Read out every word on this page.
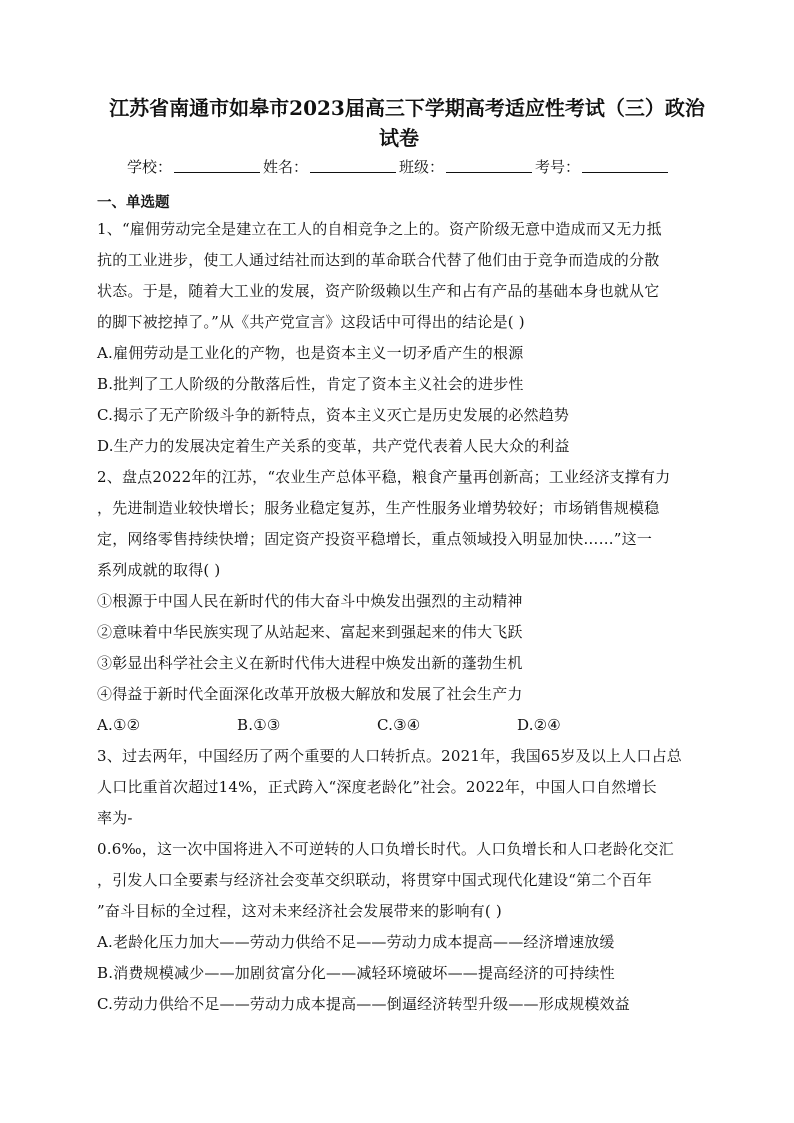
江苏省南通市如皋市2023届高三下学期高考适应性考试（三）政治
试卷
学校：	姓名：	班级：	考号：
一、单选题

1、“雇佣劳动完全是建立在工人的自相竞争之上的。资产阶级无意中造成而又无力抵

抗的工业进步，使工人通过结社而达到的革命联合代替了他们由于竞争而造成的分散

状态。于是，随着大工业的发展，资产阶级赖以生产和占有产品的基础本身也就从它

的脚下被挖掉了。”从《共产党宣言》这段话中可得出的结论是( )

A.雇佣劳动是工业化的产物，也是资本主义一切矛盾产生的根源

B.批判了工人阶级的分散落后性，肯定了资本主义社会的进步性

C.揭示了无产阶级斗争的新特点，资本主义灭亡是历史发展的必然趋势

D.生产力的发展决定着生产关系的变革，共产党代表着人民大众的利益

2、盘点2022年的江苏，“农业生产总体平稳，粮食产量再创新高；工业经济支撑有力

，先进制造业较快增长；服务业稳定复苏，生产性服务业增势较好；市场销售规模稳

定，网络零售持续快增；固定资产投资平稳增长，重点领域投入明显加快……”这一

系列成就的取得( )

①根源于中国人民在新时代的伟大奋斗中焕发出强烈的主动精神

②意味着中华民族实现了从站起来、富起来到强起来的伟大飞跃

③彰显出科学社会主义在新时代伟大进程中焕发出新的蓬勃生机

④得益于新时代全面深化改革开放极大解放和发展了社会生产力

A.①②	B.①③	C.③④	D.②④

3、过去两年，中国经历了两个重要的人口转折点。2021年，我国65岁及以上人口占总

人口比重首次超过14%，正式跨入“深度老龄化”社会。2022年，中国人口自然增长

率为-

0.6‰，这一次中国将进入不可逆转的人口负增长时代。人口负增长和人口老龄化交汇

，引发人口全要素与经济社会变革交织联动，将贯穿中国式现代化建设“第二个百年

”奋斗目标的全过程，这对未来经济社会发展带来的影响有( )

A.老龄化压力加大——劳动力供给不足——劳动力成本提高——经济增速放缓

B.消费规模减少——加剧贫富分化——减轻环境破坏——提高经济的可持续性

C.劳动力供给不足——劳动力成本提高——倒逼经济转型升级——形成规模效益
